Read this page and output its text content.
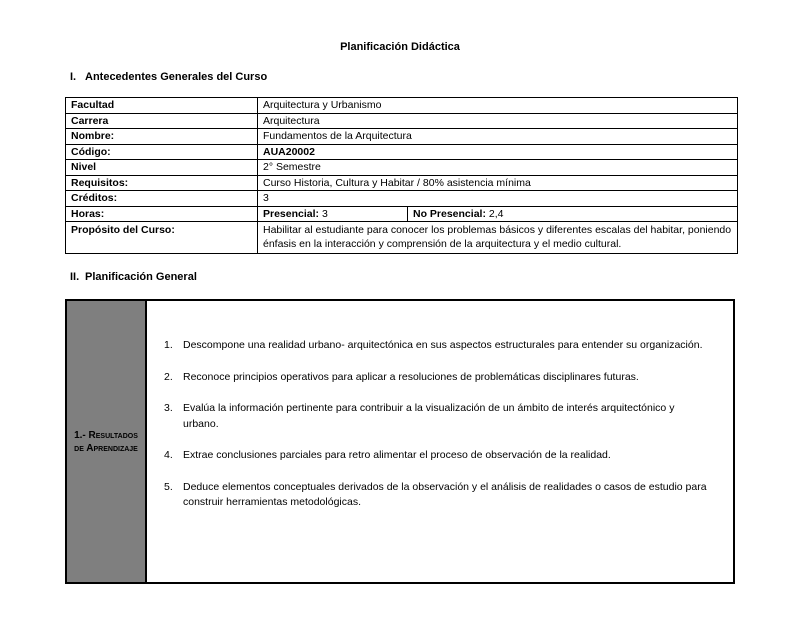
Planificación Didáctica
I. Antecedentes Generales del Curso
Facultad	Arquitectura y Urbanismo	
Carrera	Arquitectura	
Nombre:	Fundamentos de la Arquitectura	
Código:	AUA20002	
Nivel	2° Semestre	
Requisitos:	Curso Historia, Cultura y Habitar / 80% asistencia mínima	
Créditos:	3	
Horas:	Presencial: 3	No Presencial: 2,4
Propósito del Curso:	Habilitar al estudiante para conocer los problemas básicos y diferentes escalas del habitar, poniendo énfasis en la interacción y comprensión de la arquitectura y el medio cultural.	
II. Planificación General
1.- Resultados de Aprendizaje
Descompone una realidad urbano- arquitectónica en sus aspectos estructurales para entender su organización.
Reconoce principios operativos para aplicar a resoluciones de problemáticas disciplinares futuras.
Evalúa la información pertinente para contribuir a la visualización de un ámbito de interés arquitectónico y urbano.
Extrae conclusiones parciales para retro alimentar el proceso de observación de la realidad.
Deduce elementos conceptuales derivados de la observación y el análisis de realidades o casos de estudio para construir herramientas metodológicas.
